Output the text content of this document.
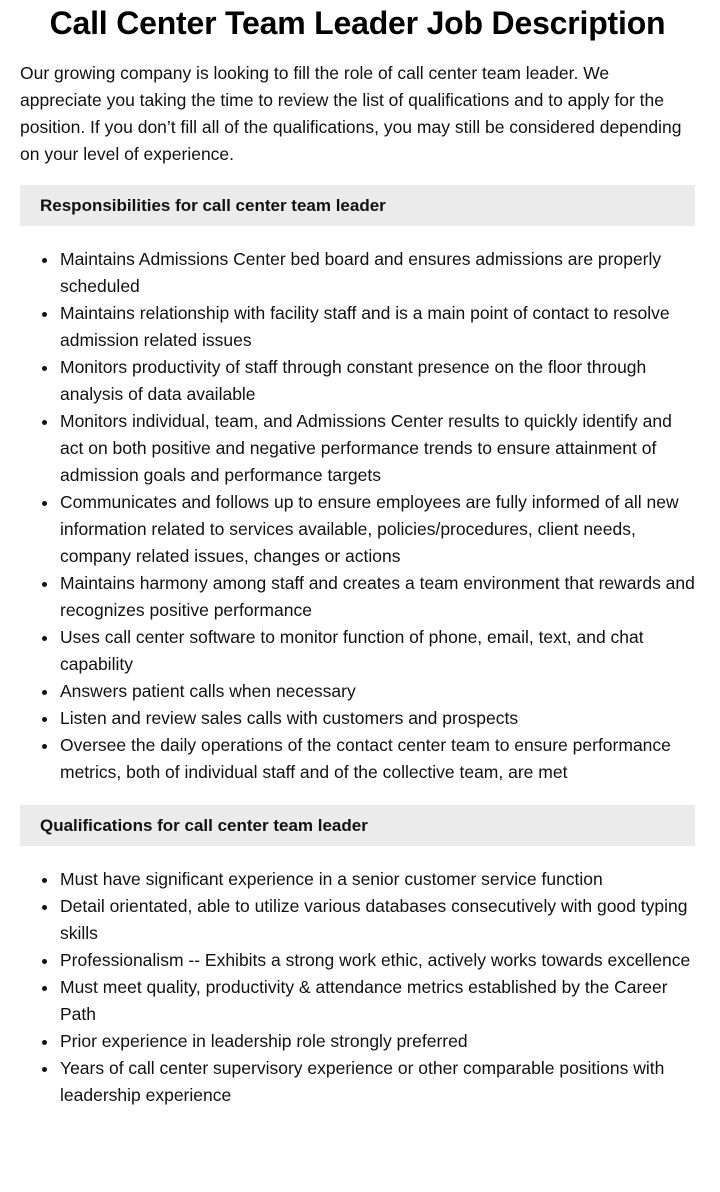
Call Center Team Leader Job Description

Our growing company is looking to fill the role of call center team leader. We appreciate you taking the time to review the list of qualifications and to apply for the position. If you don’t fill all of the qualifications, you may still be considered depending on your level of experience.

Responsibilities for call center team leader
Maintains Admissions Center bed board and ensures admissions are properly scheduled
Maintains relationship with facility staff and is a main point of contact to resolve admission related issues
Monitors productivity of staff through constant presence on the floor through analysis of data available
Monitors individual, team, and Admissions Center results to quickly identify and act on both positive and negative performance trends to ensure attainment of admission goals and performance targets
Communicates and follows up to ensure employees are fully informed of all new information related to services available, policies/procedures, client needs, company related issues, changes or actions
Maintains harmony among staff and creates a team environment that rewards and recognizes positive performance
Uses call center software to monitor function of phone, email, text, and chat capability
Answers patient calls when necessary
Listen and review sales calls with customers and prospects
Oversee the daily operations of the contact center team to ensure performance metrics, both of individual staff and of the collective team, are met
Qualifications for call center team leader
Must have significant experience in a senior customer service function
Detail orientated, able to utilize various databases consecutively with good typing skills
Professionalism -- Exhibits a strong work ethic, actively works towards excellence
Must meet quality, productivity & attendance metrics established by the Career Path
Prior experience in leadership role strongly preferred
Years of call center supervisory experience or other comparable positions with leadership experience
